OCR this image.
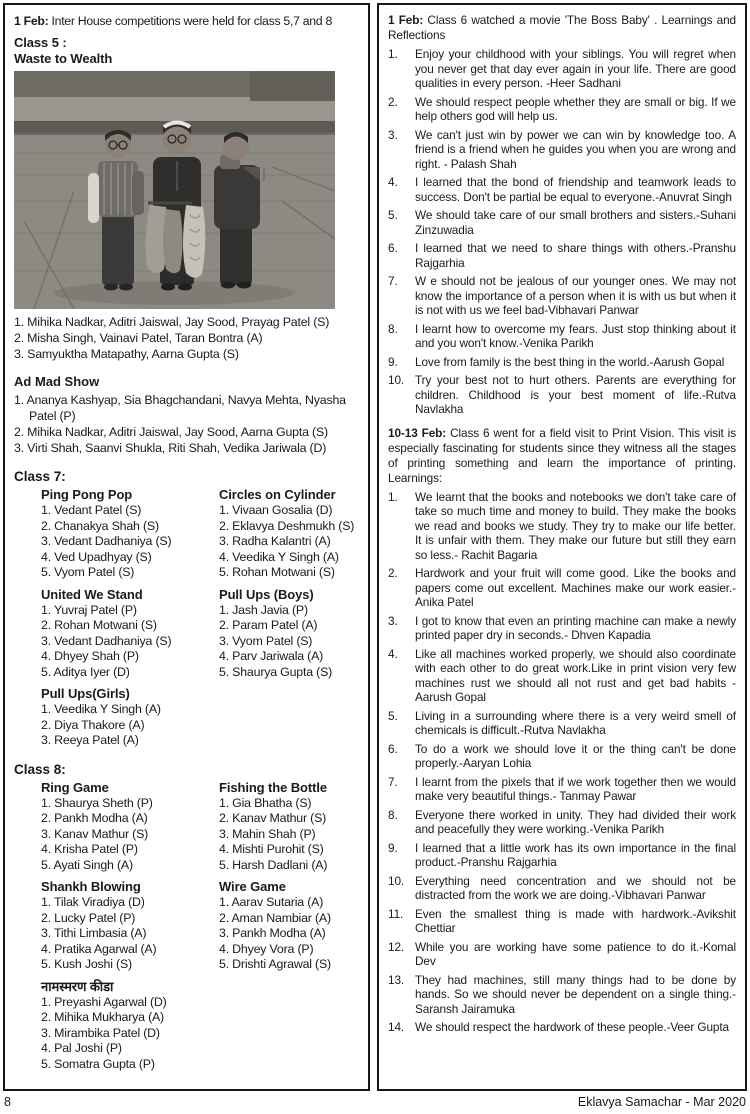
1 Feb: Inter House competitions were held for class 5,7 and 8

Class 5 :
Waste to Wealth
1. Mihika Nadkar, Aditri Jaiswal, Jay Sood, Prayag Patel (S)
2. Misha Singh, Vainavi Patel, Taran Bontra (A)
3. Samyuktha Matapathy, Aarna Gupta (S)
Ad Mad Show
1. Ananya Kashyap, Sia Bhagchandani, Navya Mehta, Nyasha Patel (P)
2. Mihika Nadkar, Aditri Jaiswal, Jay Sood, Aarna Gupta (S)
3. Virti Shah, Saanvi Shukla, Riti Shah, Vedika Jariwala (D)
Class 7:
Ping Pong Pop
1. Vedant Patel (S)
2. Chanakya Shah (S)
3. Vedant Dadhaniya (S)
4. Ved Upadhyay (S)
5. Vyom Patel (S)
Circles on Cylinder
1. Vivaan Gosalia (D)
2. Eklavya Deshmukh (S)
3. Radha Kalantri (A)
4. Veedika Y Singh (A)
5. Rohan Motwani (S)
United We Stand
1. Yuvraj Patel (P)
2. Rohan Motwani (S)
3. Vedant Dadhaniya (S)
4. Dhyey Shah (P)
5. Aditya Iyer (D)
Pull Ups (Boys)
1. Jash Javia (P)
2. Param Patel (A)
3. Vyom Patel (S)
4. Parv Jariwala (A)
5. Shaurya Gupta (S)
Pull Ups(Girls)
1. Veedika Y Singh (A)
2. Diya Thakore (A)
3. Reeya Patel (A)
Class 8:
Ring Game
1. Shaurya Sheth (P)
2. Pankh Modha (A)
3. Kanav Mathur (S)
4. Krisha Patel (P)
5. Ayati Singh (A)
Fishing the Bottle
1. Gia Bhatha (S)
2. Kanav Mathur (S)
3. Mahin Shah (P)
4. Mishti Purohit (S)
5. Harsh Dadlani (A)
Shankh Blowing
1. Tilak Viradiya (D)
2. Lucky Patel (P)
3. Tithi Limbasia (A)
4. Pratika Agarwal (A)
5. Kush Joshi (S)
Wire Game
1. Aarav Sutaria (A)
2. Aman Nambiar (A)
3. Pankh Modha (A)
4. Dhyey Vora (P)
5. Drishti Agrawal (S)
नामस्मरण कीडा
1. Preyashi Agarwal (D)
2. Mihika Mukharya (A)
3. Mirambika Patel (D)
4. Pal Joshi (P)
5. Somatra Gupta (P)

1 Feb: Class 6 watched a movie 'The Boss Baby' . Learnings and Reflections

1.	Enjoy your childhood with your siblings. You will regret when you never get that day ever again in your life. There are good qualities in every person. -Heer Sadhani
2.	We should respect people whether they are small or big. If we help others god will help us.
3.	We can't just win by power we can win by knowledge too. A friend is a friend when he guides you when you are wrong and right. - Palash Shah
4.	I learned that the bond of friendship and teamwork leads to success. Don't be partial be equal to everyone.-Anuvrat Singh
5.	We should take care of our small brothers and sisters.-Suhani Zinzuwadia
6.	I learned that we need to share things with others.-Pranshu Rajgarhia
7.	W e should not be jealous of our younger ones. We may not know the importance of a person when it is with us but when it is not with us we feel bad-Vibhavari Panwar
8.	I learnt how to overcome my fears. Just stop thinking about it and you won't know.-Venika Parikh
9.	Love from family is the best thing in the world.-Aarush Gopal
10. Try your best not to hurt others. Parents are everything for children. Childhood is your best moment of life.-Rutva Navlakha

10-13 Feb: Class 6 went for a field visit to Print Vision. This visit is especially fascinating for students since they witness all the stages of printing something and learn the importance of printing. Learnings:

1.	We learnt that the books and notebooks we don't take care of take so much time and money to build. They make the books we read and books we study. They try to make our life better. It is unfair with them. They make our future but still they earn so less.- Rachit Bagaria
2.	Hardwork and your fruit will come good. Like the books and papers come out excellent. Machines make our work easier.-Anika Patel
3.	I got to know that even an printing machine can make a newly printed paper dry in seconds.- Dhven Kapadia
4.	Like all machines worked properly, we should also coordinate with each other to do great work.Like in print vision very few machines rust we should all not rust and get bad habits -Aarush Gopal
5.	Living in a surrounding where there is a very weird smell of chemicals is difficult.-Rutva Navlakha
6.	To do a work we should love it or the thing can't be done properly.-Aaryan Lohia
7.	I learnt from the pixels that if we work together then we would make very beautiful things.- Tanmay Pawar
8.	Everyone there worked in unity. They had divided their work and peacefully they were working.-Venika Parikh
9.	I learned that a little work has its own importance in the final product.-Pranshu Rajgarhia
10. Everything need concentration and we should not be distracted from the work we are doing.-Vibhavari Panwar
11. Even the smallest thing is made with hardwork.-Avikshit Chettiar
12. While you are working have some patience to do it.-Komal Dev
13. They had machines, still many things had to be done by hands. So we should never be dependent on a single thing.-Saransh Jairamuka
14. We should respect the hardwork of these people.-Veer Gupta
8	Eklavya Samachar - Mar 2020
